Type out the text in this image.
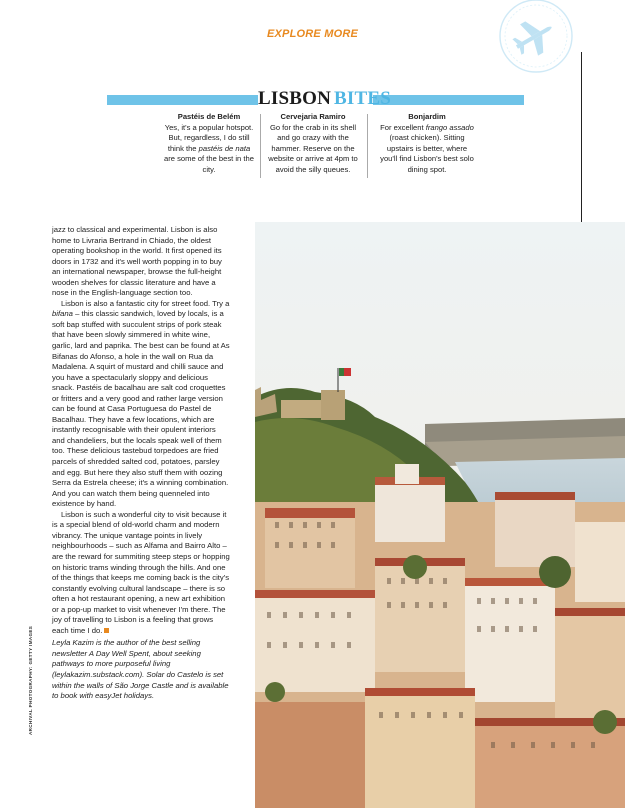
EXPLORE MORE
LISBON BITES
Pastéis de Belém
Yes, it's a popular hotspot. But, regardless, I do still think the pastéis de nata are some of the best in the city.
Cervejaria Ramiro
Go for the crab in its shell and go crazy with the hammer. Reserve on the website or arrive at 4pm to avoid the silly queues.
Bonjardim
For excellent frango assado (roast chicken). Sitting upstairs is better, where you'll find Lisbon's best solo dining spot.

jazz to classical and experimental. Lisbon is also home to Livraria Bertrand in Chiado, the oldest operating bookshop in the world. It first opened its doors in 1732 and it's well worth popping in to buy an international newspaper, browse the full-height wooden shelves for classic literature and have a nose in the English-language section too.

Lisbon is also a fantastic city for street food. Try a bifana – this classic sandwich, loved by locals, is a soft bap stuffed with succulent strips of pork steak that have been slowly simmered in white wine, garlic, lard and paprika. The best can be found at As Bifanas do Afonso, a hole in the wall on Rua da Madalena. A squirt of mustard and chilli sauce and you have a spectacularly sloppy and delicious snack. Pastéis de bacalhau are salt cod croquettes or fritters and a very good and rather large version can be found at Casa Portuguesa do Pastel de Bacalhau. They have a few locations, which are instantly recognisable with their opulent interiors and chandeliers, but the locals speak well of them too. These delicious tastebud torpedoes are fried parcels of shredded salted cod, potatoes, parsley and egg. But here they also stuff them with oozing Serra da Estrela cheese; it's a winning combination. And you can watch them being quenneled into existence by hand.

Lisbon is such a wonderful city to visit because it is a special blend of old-world charm and modern vibrancy. The unique vantage points in lively neighbourhoods – such as Alfama and Bairro Alto – are the reward for summiting steep steps or hopping on historic trams winding through the hills. And one of the things that keeps me coming back is the city's constantly evolving cultural landscape – there is so often a hot restaurant opening, a new art exhibition or a pop-up market to visit whenever I'm there. The joy of travelling to Lisbon is a feeling that grows each time I do.

Leyla Kazim is the author of the best selling newsletter A Day Well Spent, about seeking pathways to more purposeful living (leylakazim.substack.com). Solar do Castelo is set within the walls of São Jorge Castle and is available to book with easyJet holidays.

ARCHIVAL PHOTOGRAPHY: GETTY IMAGES
